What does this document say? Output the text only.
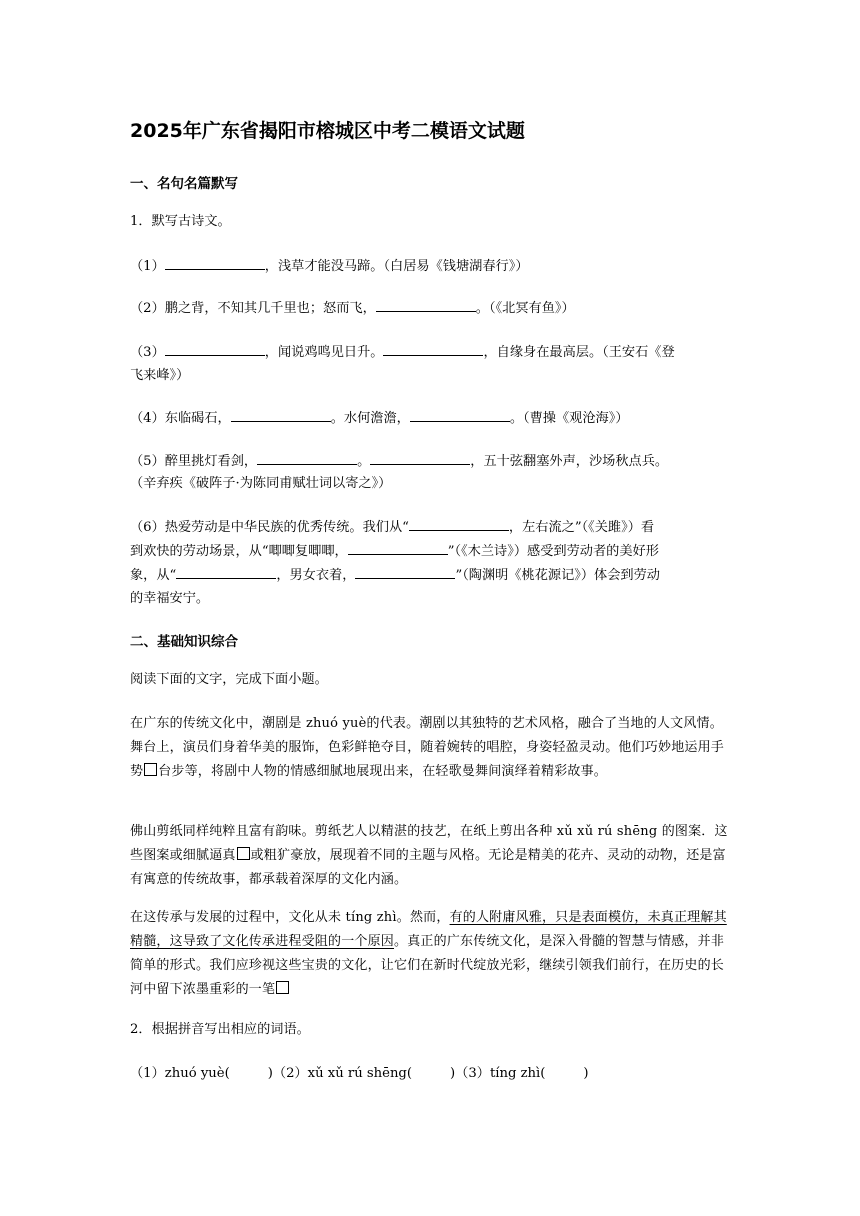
2025年广东省揭阳市榕城区中考二模语文试题
一、名句名篇默写

1．默写古诗文。

（1）	，浅草才能没马蹄。（白居易《钱塘湖春行》）

（2）鹏之背，不知其几千里也；怒而飞，	。（《北冥有鱼》）

（3）	，闻说鸡鸣见日升。	，自缘身在最高层。（王安石《登

飞来峰》）

（4）东临碣石，	。水何澹澹，	。（曹操《观沧海》）

（5）醉里挑灯看剑，	。	，五十弦翻塞外声，沙场秋点兵。

（辛弃疾《破阵子·为陈同甫赋壮词以寄之》）

（6）热爱劳动是中华民族的优秀传统。我们从“	，左右流之”（《关雎》）看

到欢快的劳动场景，从“唧唧复唧唧，	”（《木兰诗》）感受到劳动者的美好形

象，从“	，男女衣着，	”（陶渊明《桃花源记》）体会到劳动

的幸福安宁。

二、基础知识综合

阅读下面的文字，完成下面小题。

在广东的传统文化中，潮剧是 zhuó yuè的代表。潮剧以其独特的艺术风格，融合了当地的人文风情。舞台上，演员们身着华美的服饰，色彩鲜艳夺目，随着婉转的唱腔，身姿轻盈灵动。他们巧妙地运用手势 台步等，将剧中人物的情感细腻地展现出来，在轻歌曼舞间演绎着精彩故事。

佛山剪纸同样纯粹且富有韵味。剪纸艺人以精湛的技艺，在纸上剪出各种 xǔ xǔ rú shēng 的图案．这些图案或细腻逼真 或粗犷豪放，展现着不同的主题与风格。无论是精美的花卉、灵动的动物，还是富有寓意的传统故事，都承载着深厚的文化内涵。

在这传承与发展的过程中，文化从未 tíng zhì。然而，有的人附庸风雅，只是表面模仿，未真正理解其精髓，这导致了文化传承进程受阻的一个原因。真正的广东传统文化，是深入骨髓的智慧与情感，并非简单的形式。我们应珍视这些宝贵的文化，让它们在新时代绽放光彩，继续引领我们前行，在历史的长河中留下浓墨重彩的一笔

2．根据拼音写出相应的词语。

（1）zhuó yuè(	)（2）xǔ xǔ rú shēng(	)（3）tíng zhì(	)
